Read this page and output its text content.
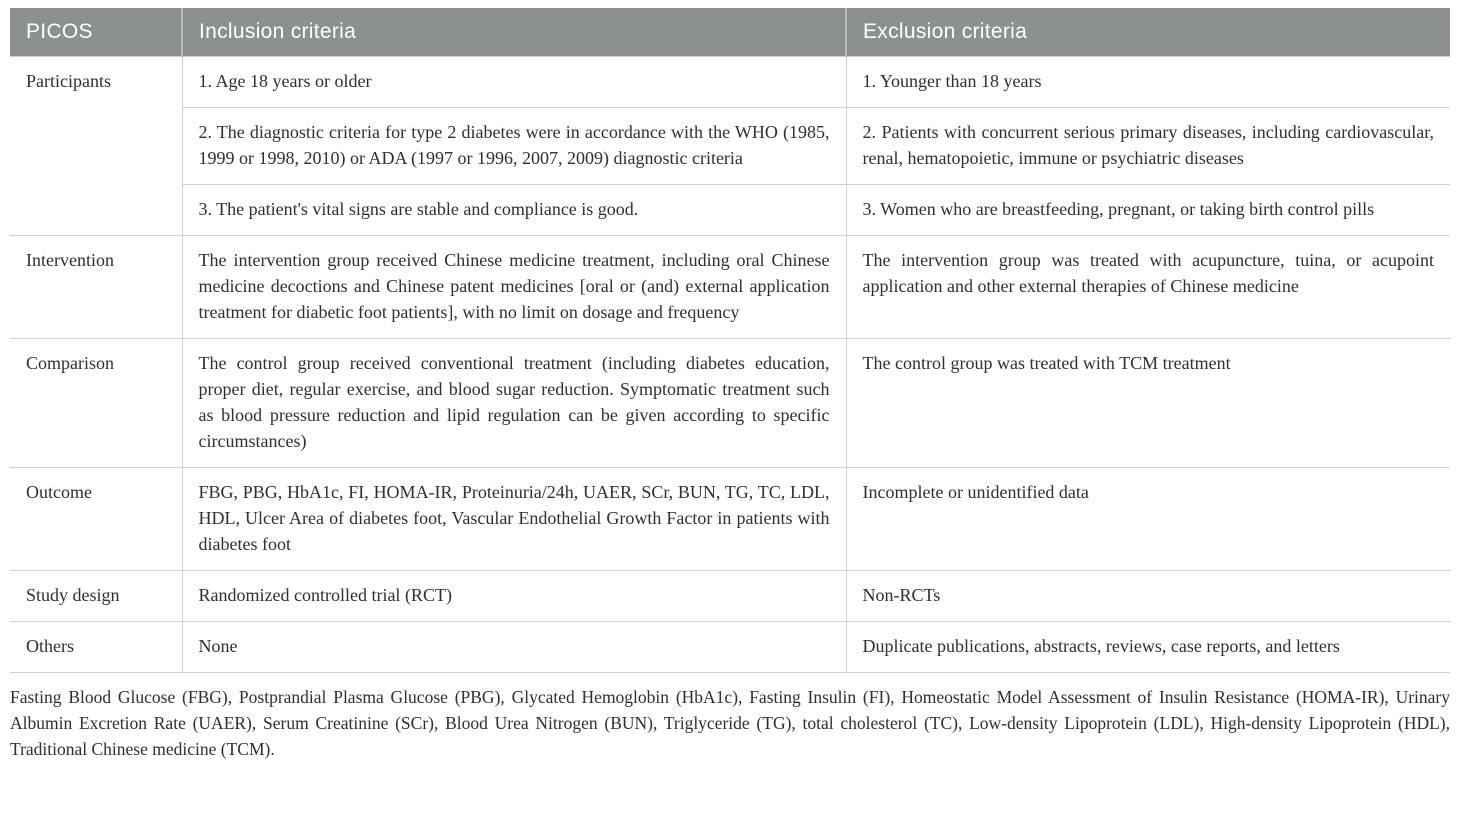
PICOS	Inclusion criteria	Exclusion criteria
Participants	1. Age 18 years or older	1. Younger than 18 years
	2. The diagnostic criteria for type 2 diabetes were in accordance with the WHO (1985, 1999 or 1998, 2010) or ADA (1997 or 1996, 2007, 2009) diagnostic criteria	2. Patients with concurrent serious primary diseases, including cardiovascular, renal, hematopoietic, immune or psychiatric diseases
	3. The patient's vital signs are stable and compliance is good.	3. Women who are breastfeeding, pregnant, or taking birth control pills
Intervention	The intervention group received Chinese medicine treatment, including oral Chinese medicine decoctions and Chinese patent medicines [oral or (and) external application treatment for diabetic foot patients], with no limit on dosage and frequency	The intervention group was treated with acupuncture, tuina, or acupoint application and other external therapies of Chinese medicine
Comparison	The control group received conventional treatment (including diabetes education, proper diet, regular exercise, and blood sugar reduction. Symptomatic treatment such as blood pressure reduction and lipid regulation can be given according to specific circumstances)	The control group was treated with TCM treatment
Outcome	FBG, PBG, HbA1c, FI, HOMA-IR, Proteinuria/24h, UAER, SCr, BUN, TG, TC, LDL, HDL, Ulcer Area of diabetes foot, Vascular Endothelial Growth Factor in patients with diabetes foot	Incomplete or unidentified data
Study design	Randomized controlled trial (RCT)	Non-RCTs
Others	None	Duplicate publications, abstracts, reviews, case reports, and letters

Fasting Blood Glucose (FBG), Postprandial Plasma Glucose (PBG), Glycated Hemoglobin (HbA1c), Fasting Insulin (FI), Homeostatic Model Assessment of Insulin Resistance (HOMA-IR), Urinary Albumin Excretion Rate (UAER), Serum Creatinine (SCr), Blood Urea Nitrogen (BUN), Triglyceride (TG), total cholesterol (TC), Low-density Lipoprotein (LDL), High-density Lipoprotein (HDL), Traditional Chinese medicine (TCM).
